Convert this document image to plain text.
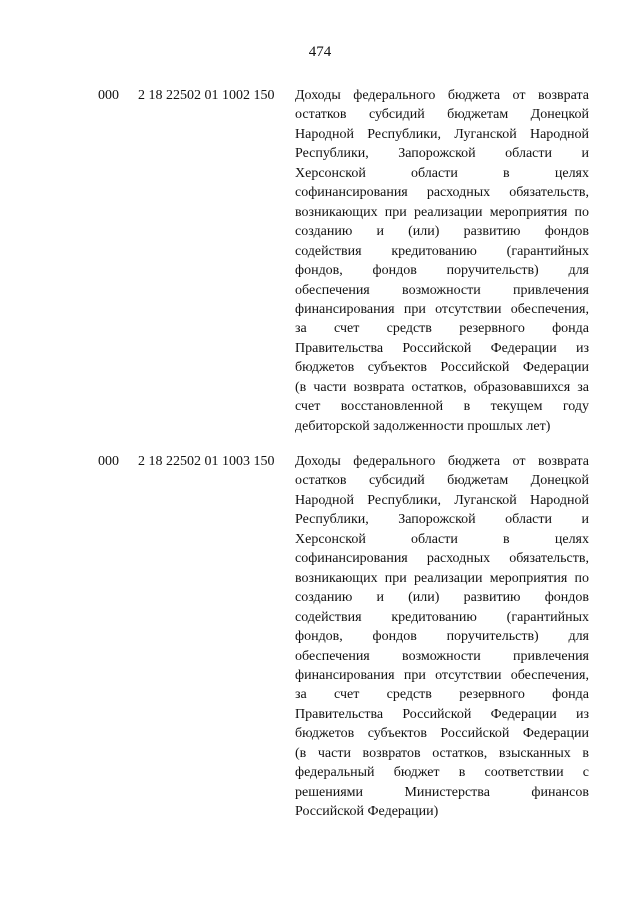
474
000 2 18 22502 01 1002 150 Доходы федерального бюджета от возврата
остатков субсидий бюджетам Донецкой
Народной Республики, Луганской Народной
Республики, Запорожской области и
Херсонской области в целях
софинансирования расходных обязательств,
возникающих при реализации мероприятия по
созданию и (или) развитию фондов
содействия кредитованию (гарантийных
фондов, фондов поручительств) для
обеспечения возможности привлечения
финансирования при отсутствии обеспечения,
за счет средств резервного фонда
Правительства Российской Федерации из
бюджетов субъектов Российской Федерации
(в части возврата остатков, образовавшихся за
счет восстановленной в текущем году
дебиторской задолженности прошлых лет)
000 2 18 22502 01 1003 150 Доходы федерального бюджета от возврата
остатков субсидий бюджетам Донецкой
Народной Республики, Луганской Народной
Республики, Запорожской области и
Херсонской области в целях
софинансирования расходных обязательств,
возникающих при реализации мероприятия по
созданию и (или) развитию фондов
содействия кредитованию (гарантийных
фондов, фондов поручительств) для
обеспечения возможности привлечения
финансирования при отсутствии обеспечения,
за счет средств резервного фонда
Правительства Российской Федерации из
бюджетов субъектов Российской Федерации
(в части возвратов остатков, взысканных в
федеральный бюджет в соответствии с
решениями Министерства финансов
Российской Федерации)
